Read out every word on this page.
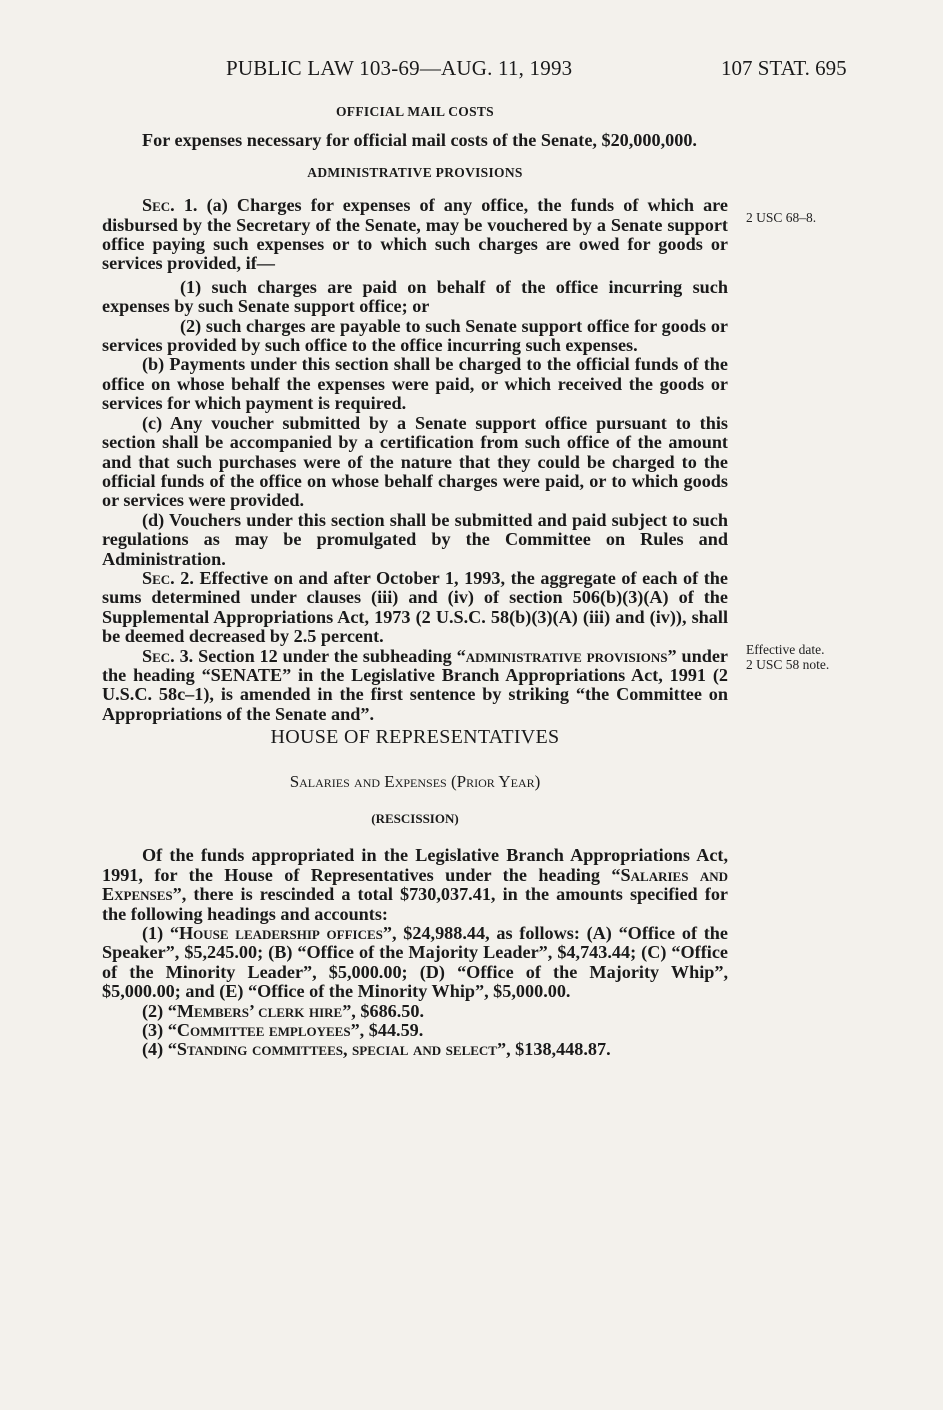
PUBLIC LAW 103-69—AUG. 11, 1993	107 STAT. 695
2 USC 68–8.
Effective date.
2 USC 58 note.

OFFICIAL MAIL COSTS

For expenses necessary for official mail costs of the Senate, $20,000,000.

ADMINISTRATIVE PROVISIONS

Sec. 1. (a) Charges for expenses of any office, the funds of which are disbursed by the Secretary of the Senate, may be vouchered by a Senate support office paying such expenses or to which such charges are owed for goods or services provided, if—

(1) such charges are paid on behalf of the office incurring such expenses by such Senate support office; or

(2) such charges are payable to such Senate support office for goods or services provided by such office to the office incurring such expenses.

(b) Payments under this section shall be charged to the official funds of the office on whose behalf the expenses were paid, or which received the goods or services for which payment is required.

(c) Any voucher submitted by a Senate support office pursuant to this section shall be accompanied by a certification from such office of the amount and that such purchases were of the nature that they could be charged to the official funds of the office on whose behalf charges were paid, or to which goods or services were provided.

(d) Vouchers under this section shall be submitted and paid subject to such regulations as may be promulgated by the Committee on Rules and Administration.

Sec. 2. Effective on and after October 1, 1993, the aggregate of each of the sums determined under clauses (iii) and (iv) of section 506(b)(3)(A) of the Supplemental Appropriations Act, 1973 (2 U.S.C. 58(b)(3)(A) (iii) and (iv)), shall be deemed decreased by 2.5 percent.

Sec. 3. Section 12 under the subheading “administrative provisions” under the heading “SENATE” in the Legislative Branch Appropriations Act, 1991 (2 U.S.C. 58c–1), is amended in the first sentence by striking “the Committee on Appropriations of the Senate and”.

HOUSE OF REPRESENTATIVES

Salaries and Expenses (Prior Year)

(RESCISSION)

Of the funds appropriated in the Legislative Branch Appropriations Act, 1991, for the House of Representatives under the heading “Salaries and Expenses”, there is rescinded a total $730,037.41, in the amounts specified for the following headings and accounts:

(1) “House leadership offices”, $24,988.44, as follows: (A) “Office of the Speaker”, $5,245.00; (B) “Office of the Majority Leader”, $4,743.44; (C) “Office of the Minority Leader”, $5,000.00; (D) “Office of the Majority Whip”, $5,000.00; and (E) “Office of the Minority Whip”, $5,000.00.

(2) “Members’ clerk hire”, $686.50.

(3) “Committee employees”, $44.59.

(4) “Standing committees, special and select”, $138,448.87.
